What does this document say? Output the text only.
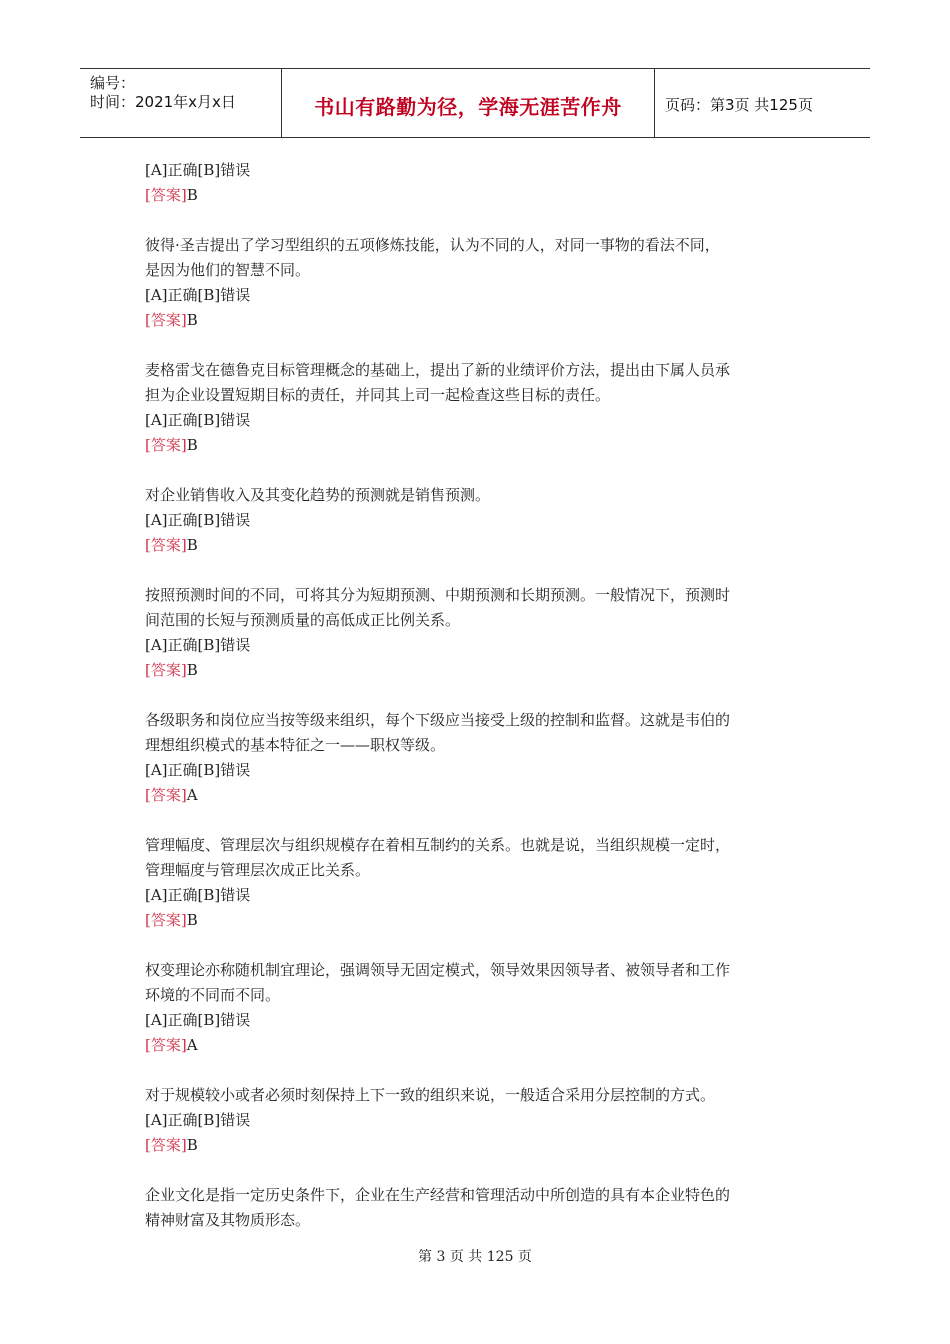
编号：
时间：2021年x月x日	书山有路勤为径，学海无涯苦作舟	页码：第3页 共125页
[A]正确[B]错误
[答案]B
彼得·圣吉提出了学习型组织的五项修炼技能，认为不同的人，对同一事物的看法不同，
是因为他们的智慧不同。
[A]正确[B]错误
[答案]B
麦格雷戈在德鲁克目标管理概念的基础上，提出了新的业绩评价方法，提出由下属人员承
担为企业设置短期目标的责任，并同其上司一起检查这些目标的责任。
[A]正确[B]错误
[答案]B
对企业销售收入及其变化趋势的预测就是销售预测。
[A]正确[B]错误
[答案]B
按照预测时间的不同，可将其分为短期预测、中期预测和长期预测。一般情况下，预测时
间范围的长短与预测质量的高低成正比例关系。
[A]正确[B]错误
[答案]B
各级职务和岗位应当按等级来组织，每个下级应当接受上级的控制和监督。这就是韦伯的
理想组织模式的基本特征之一——职权等级。
[A]正确[B]错误
[答案]A
管理幅度、管理层次与组织规模存在着相互制约的关系。也就是说，当组织规模一定时，
管理幅度与管理层次成正比关系。
[A]正确[B]错误
[答案]B
权变理论亦称随机制宜理论，强调领导无固定模式，领导效果因领导者、被领导者和工作
环境的不同而不同。
[A]正确[B]错误
[答案]A
对于规模较小或者必须时刻保持上下一致的组织来说，一般适合采用分层控制的方式。
[A]正确[B]错误
[答案]B
企业文化是指一定历史条件下，企业在生产经营和管理活动中所创造的具有本企业特色的
精神财富及其物质形态。
第 3 页 共 125 页
